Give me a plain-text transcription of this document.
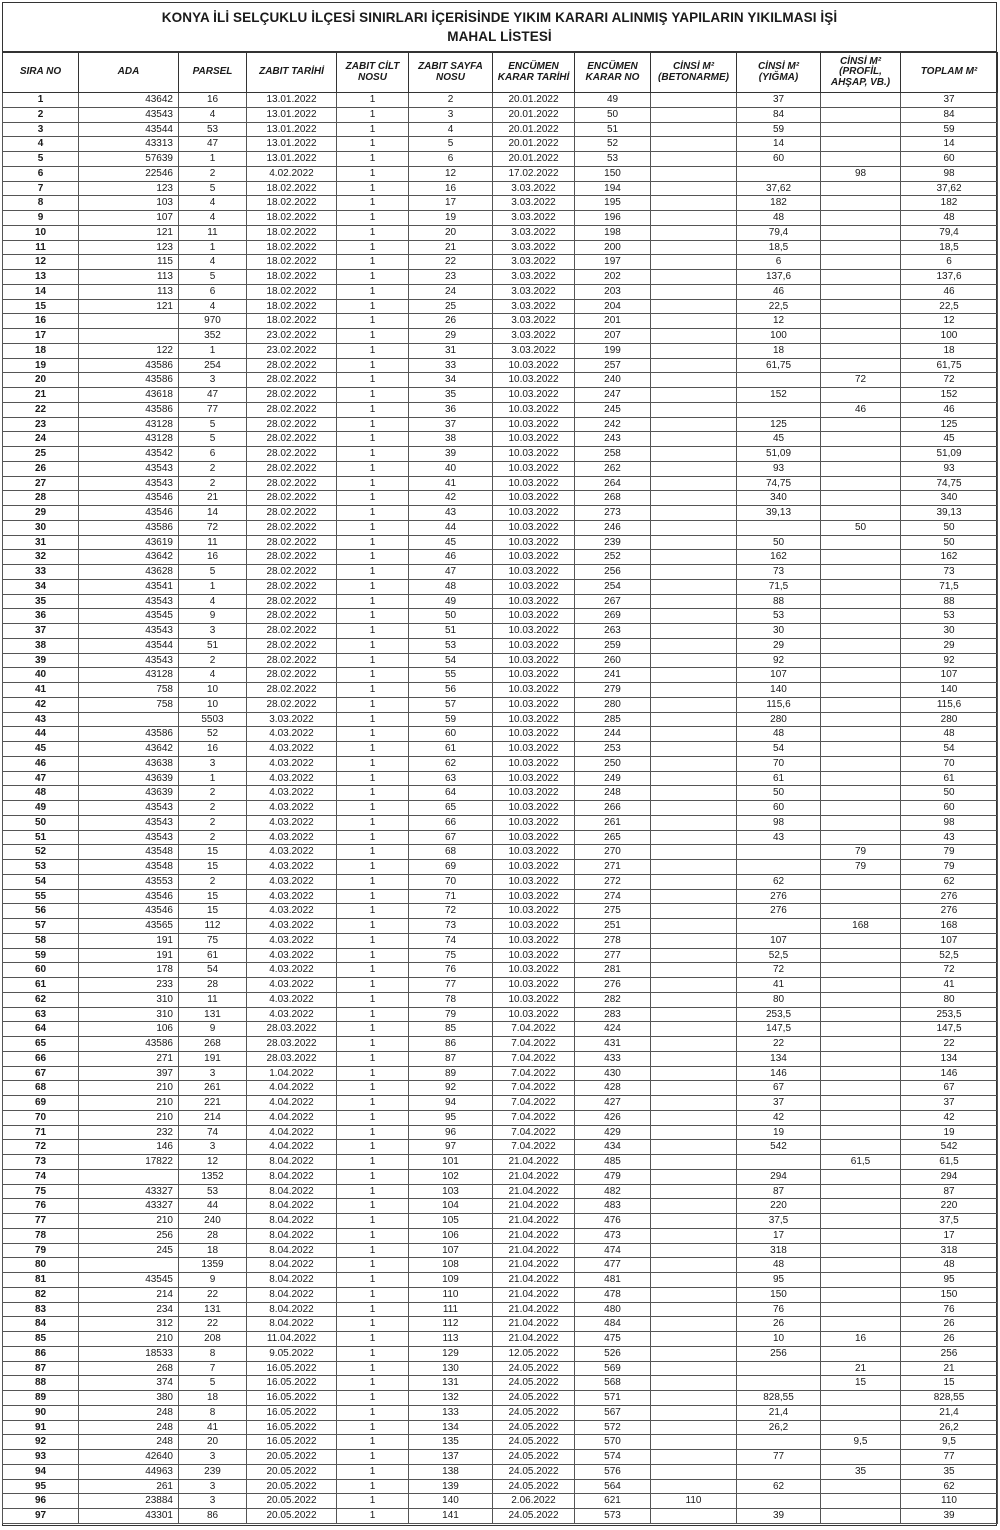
KONYA İLİ SELÇUKLU İLÇESİ SINIRLARI İÇERİSİNDE YIKIM KARARI ALINMIŞ YAPILARIN YIKILMASI İŞİ
MAHAL LİSTESİ
SIRA NO	ADA	PARSEL	ZABIT TARİHİ	ZABIT CİLT NOSU	ZABIT SAYFA NOSU	ENCÜMEN KARAR TARİHİ	ENCÜMEN KARAR NO	CİNSİ M² (BETONARME)	CİNSİ M² (YIĞMA)	CİNSİ M² (PROFİL, AHŞAP, VB.)	TOPLAM M²
1	43642	16	13.01.2022	1	2	20.01.2022	49		37		37
2	43543	4	13.01.2022	1	3	20.01.2022	50		84		84
3	43544	53	13.01.2022	1	4	20.01.2022	51		59		59
4	43313	47	13.01.2022	1	5	20.01.2022	52		14		14
5	57639	1	13.01.2022	1	6	20.01.2022	53		60		60
6	22546	2	4.02.2022	1	12	17.02.2022	150			98	98
7	123	5	18.02.2022	1	16	3.03.2022	194		37,62		37,62
8	103	4	18.02.2022	1	17	3.03.2022	195		182		182
9	107	4	18.02.2022	1	19	3.03.2022	196		48		48
10	121	11	18.02.2022	1	20	3.03.2022	198		79,4		79,4
11	123	1	18.02.2022	1	21	3.03.2022	200		18,5		18,5
12	115	4	18.02.2022	1	22	3.03.2022	197		6		6
13	113	5	18.02.2022	1	23	3.03.2022	202		137,6		137,6
14	113	6	18.02.2022	1	24	3.03.2022	203		46		46
15	121	4	18.02.2022	1	25	3.03.2022	204		22,5		22,5
16		970	18.02.2022	1	26	3.03.2022	201		12		12
17		352	23.02.2022	1	29	3.03.2022	207		100		100
18	122	1	23.02.2022	1	31	3.03.2022	199		18		18
19	43586	254	28.02.2022	1	33	10.03.2022	257		61,75		61,75
20	43586	3	28.02.2022	1	34	10.03.2022	240			72	72
21	43618	47	28.02.2022	1	35	10.03.2022	247		152		152
22	43586	77	28.02.2022	1	36	10.03.2022	245			46	46
23	43128	5	28.02.2022	1	37	10.03.2022	242		125		125
24	43128	5	28.02.2022	1	38	10.03.2022	243		45		45
25	43542	6	28.02.2022	1	39	10.03.2022	258		51,09		51,09
26	43543	2	28.02.2022	1	40	10.03.2022	262		93		93
27	43543	2	28.02.2022	1	41	10.03.2022	264		74,75		74,75
28	43546	21	28.02.2022	1	42	10.03.2022	268		340		340
29	43546	14	28.02.2022	1	43	10.03.2022	273		39,13		39,13
30	43586	72	28.02.2022	1	44	10.03.2022	246			50	50
31	43619	11	28.02.2022	1	45	10.03.2022	239		50		50
32	43642	16	28.02.2022	1	46	10.03.2022	252		162		162
33	43628	5	28.02.2022	1	47	10.03.2022	256		73		73
34	43541	1	28.02.2022	1	48	10.03.2022	254		71,5		71,5
35	43543	4	28.02.2022	1	49	10.03.2022	267		88		88
36	43545	9	28.02.2022	1	50	10.03.2022	269		53		53
37	43543	3	28.02.2022	1	51	10.03.2022	263		30		30
38	43544	51	28.02.2022	1	53	10.03.2022	259		29		29
39	43543	2	28.02.2022	1	54	10.03.2022	260		92		92
40	43128	4	28.02.2022	1	55	10.03.2022	241		107		107
41	758	10	28.02.2022	1	56	10.03.2022	279		140		140
42	758	10	28.02.2022	1	57	10.03.2022	280		115,6		115,6
43		5503	3.03.2022	1	59	10.03.2022	285		280		280
44	43586	52	4.03.2022	1	60	10.03.2022	244		48		48
45	43642	16	4.03.2022	1	61	10.03.2022	253		54		54
46	43638	3	4.03.2022	1	62	10.03.2022	250		70		70
47	43639	1	4.03.2022	1	63	10.03.2022	249		61		61
48	43639	2	4.03.2022	1	64	10.03.2022	248		50		50
49	43543	2	4.03.2022	1	65	10.03.2022	266		60		60
50	43543	2	4.03.2022	1	66	10.03.2022	261		98		98
51	43543	2	4.03.2022	1	67	10.03.2022	265		43		43
52	43548	15	4.03.2022	1	68	10.03.2022	270			79	79
53	43548	15	4.03.2022	1	69	10.03.2022	271			79	79
54	43553	2	4.03.2022	1	70	10.03.2022	272		62		62
55	43546	15	4.03.2022	1	71	10.03.2022	274		276		276
56	43546	15	4.03.2022	1	72	10.03.2022	275		276		276
57	43565	112	4.03.2022	1	73	10.03.2022	251			168	168
58	191	75	4.03.2022	1	74	10.03.2022	278		107		107
59	191	61	4.03.2022	1	75	10.03.2022	277		52,5		52,5
60	178	54	4.03.2022	1	76	10.03.2022	281		72		72
61	233	28	4.03.2022	1	77	10.03.2022	276		41		41
62	310	11	4.03.2022	1	78	10.03.2022	282		80		80
63	310	131	4.03.2022	1	79	10.03.2022	283		253,5		253,5
64	106	9	28.03.2022	1	85	7.04.2022	424		147,5		147,5
65	43586	268	28.03.2022	1	86	7.04.2022	431		22		22
66	271	191	28.03.2022	1	87	7.04.2022	433		134		134
67	397	3	1.04.2022	1	89	7.04.2022	430		146		146
68	210	261	4.04.2022	1	92	7.04.2022	428		67		67
69	210	221	4.04.2022	1	94	7.04.2022	427		37		37
70	210	214	4.04.2022	1	95	7.04.2022	426		42		42
71	232	74	4.04.2022	1	96	7.04.2022	429		19		19
72	146	3	4.04.2022	1	97	7.04.2022	434		542		542
73	17822	12	8.04.2022	1	101	21.04.2022	485			61,5	61,5
74		1352	8.04.2022	1	102	21.04.2022	479		294		294
75	43327	53	8.04.2022	1	103	21.04.2022	482		87		87
76	43327	44	8.04.2022	1	104	21.04.2022	483		220		220
77	210	240	8.04.2022	1	105	21.04.2022	476		37,5		37,5
78	256	28	8.04.2022	1	106	21.04.2022	473		17		17
79	245	18	8.04.2022	1	107	21.04.2022	474		318		318
80		1359	8.04.2022	1	108	21.04.2022	477		48		48
81	43545	9	8.04.2022	1	109	21.04.2022	481		95		95
82	214	22	8.04.2022	1	110	21.04.2022	478		150		150
83	234	131	8.04.2022	1	111	21.04.2022	480		76		76
84	312	22	8.04.2022	1	112	21.04.2022	484		26		26
85	210	208	11.04.2022	1	113	21.04.2022	475		10	16	26
86	18533	8	9.05.2022	1	129	12.05.2022	526		256		256
87	268	7	16.05.2022	1	130	24.05.2022	569			21	21
88	374	5	16.05.2022	1	131	24.05.2022	568			15	15
89	380	18	16.05.2022	1	132	24.05.2022	571		828,55		828,55
90	248	8	16.05.2022	1	133	24.05.2022	567		21,4		21,4
91	248	41	16.05.2022	1	134	24.05.2022	572		26,2		26,2
92	248	20	16.05.2022	1	135	24.05.2022	570			9,5	9,5
93	42640	3	20.05.2022	1	137	24.05.2022	574		77		77
94	44963	239	20.05.2022	1	138	24.05.2022	576			35	35
95	261	3	20.05.2022	1	139	24.05.2022	564		62		62
96	23884	3	20.05.2022	1	140	2.06.2022	621	110			110
97	43301	86	20.05.2022	1	141	24.05.2022	573		39		39
